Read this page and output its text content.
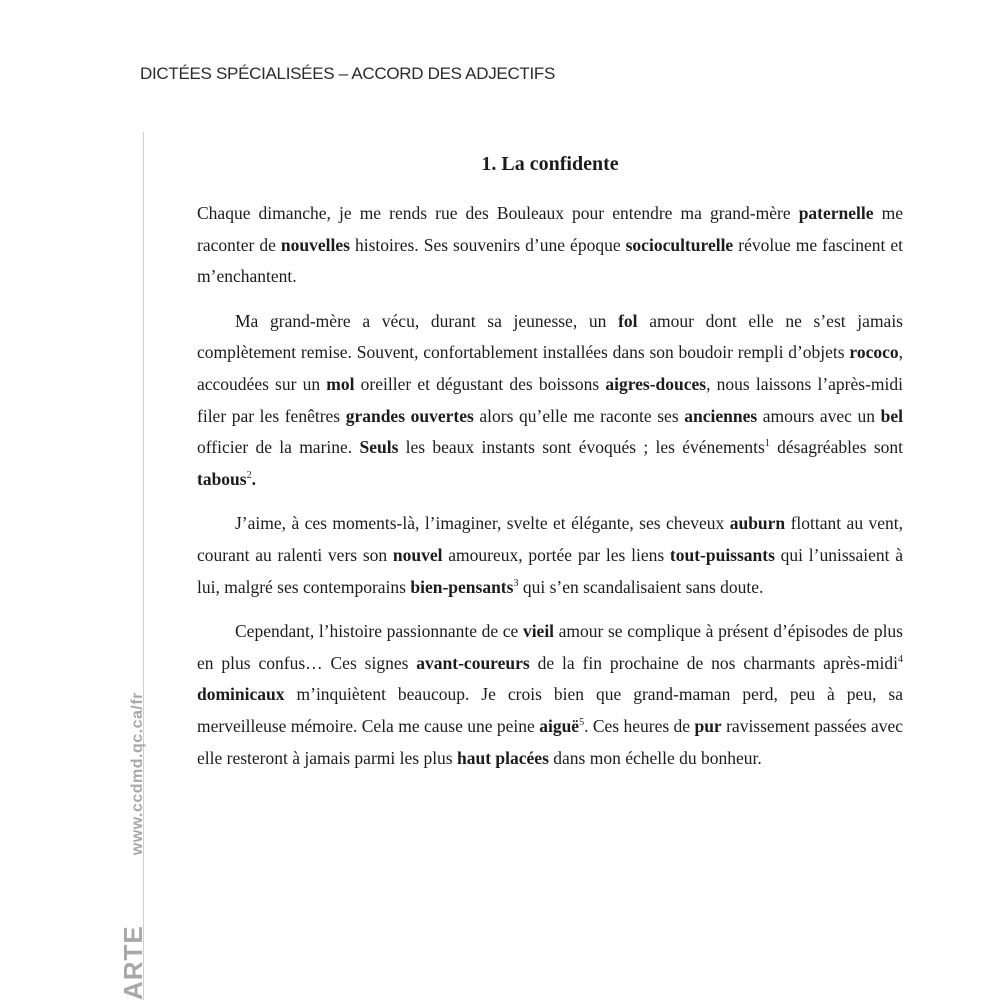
DICTÉES SPÉCIALISÉES – ACCORD DES ADJECTIFS
ARTEwww.ccdmd.qc.ca/fr
1. La confidente

Chaque dimanche, je me rends rue des Bouleaux pour entendre ma grand-mère paternelle me raconter de nouvelles histoires. Ses souvenirs d’une époque socioculturelle révolue me fascinent et m’enchantent.

Ma grand-mère a vécu, durant sa jeunesse, un fol amour dont elle ne s’est jamais complètement remise. Souvent, confortablement installées dans son boudoir rempli d’objets rococo, accoudées sur un mol oreiller et dégustant des boissons aigres-douces, nous laissons l’après-midi filer par les fenêtres grandes ouvertes alors qu’elle me raconte ses anciennes amours avec un bel officier de la marine. Seuls les beaux instants sont évoqués ; les événements$^1$ désagréables sont tabous$^2$.

J’aime, à ces moments-là, l’imaginer, svelte et élégante, ses cheveux auburn flottant au vent, courant au ralenti vers son nouvel amoureux, portée par les liens tout-puissants qui l’unissaient à lui, malgré ses contemporains bien-pensants$^3$ qui s’en scandalisaient sans doute.

Cependant, l’histoire passionnante de ce vieil amour se complique à présent d’épisodes de plus en plus confus… Ces signes avant-coureurs de la fin prochaine de nos charmants après-midi$^4$ dominicaux m’inquiètent beaucoup. Je crois bien que grand-maman perd, peu à peu, sa merveilleuse mémoire. Cela me cause une peine aiguë$^5$. Ces heures de pur ravissement passées avec elle resteront à jamais parmi les plus haut placées dans mon échelle du bonheur.
